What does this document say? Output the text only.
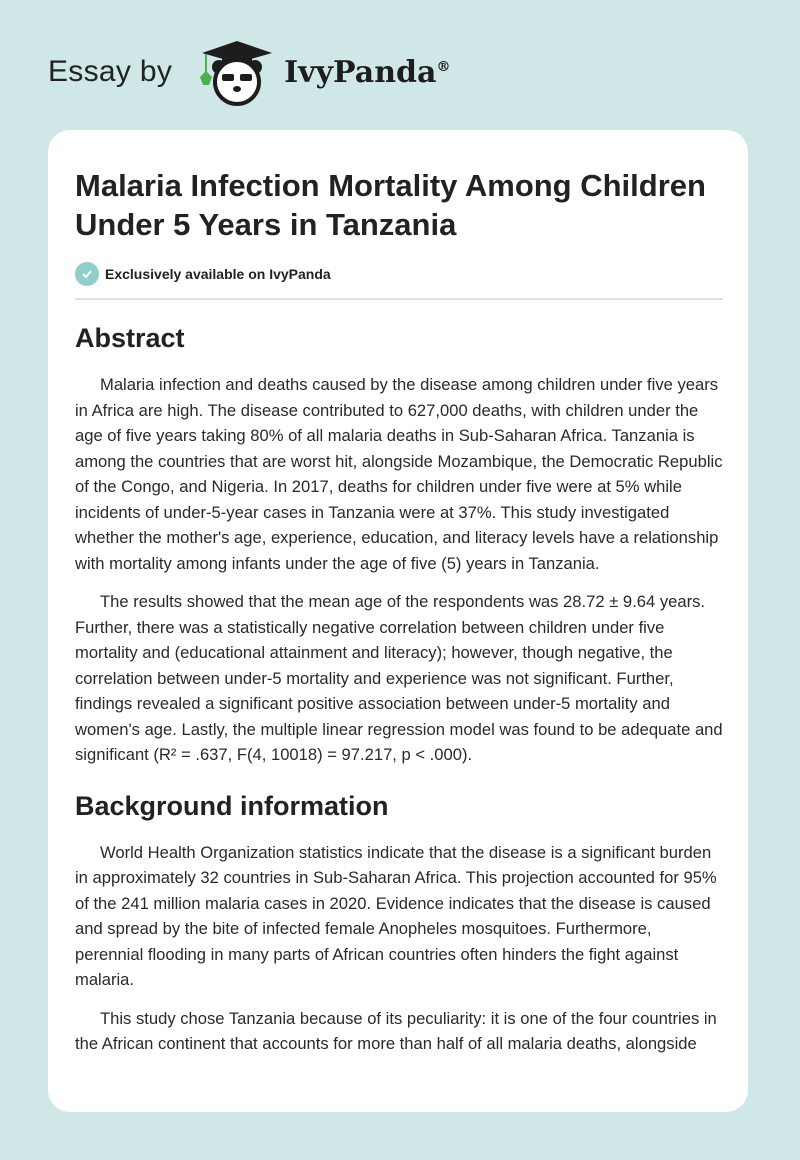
Essay by	IvyPanda®
Malaria Infection Mortality Among Children Under 5 Years in Tanzania
Exclusively available on IvyPanda
Abstract

Malaria infection and deaths caused by the disease among children under five years in Africa are high. The disease contributed to 627,000 deaths, with children under the age of five years taking 80% of all malaria deaths in Sub-Saharan Africa. Tanzania is among the countries that are worst hit, alongside Mozambique, the Democratic Republic of the Congo, and Nigeria. In 2017, deaths for children under five were at 5% while incidents of under-5-year cases in Tanzania were at 37%. This study investigated whether the mother's age, experience, education, and literacy levels have a relationship with mortality among infants under the age of five (5) years in Tanzania.

The results showed that the mean age of the respondents was 28.72 ± 9.64 years. Further, there was a statistically negative correlation between children under five mortality and (educational attainment and literacy); however, though negative, the correlation between under-5 mortality and experience was not significant. Further, findings revealed a significant positive association between under-5 mortality and women's age. Lastly, the multiple linear regression model was found to be adequate and significant (R² = .637, F(4, 10018) = 97.217, p < .000).

Background information

World Health Organization statistics indicate that the disease is a significant burden in approximately 32 countries in Sub-Saharan Africa. This projection accounted for 95% of the 241 million malaria cases in 2020. Evidence indicates that the disease is caused and spread by the bite of infected female Anopheles mosquitoes. Furthermore, perennial flooding in many parts of African countries often hinders the fight against malaria.

This study chose Tanzania because of its peculiarity: it is one of the four countries in the African continent that accounts for more than half of all malaria deaths, alongside
